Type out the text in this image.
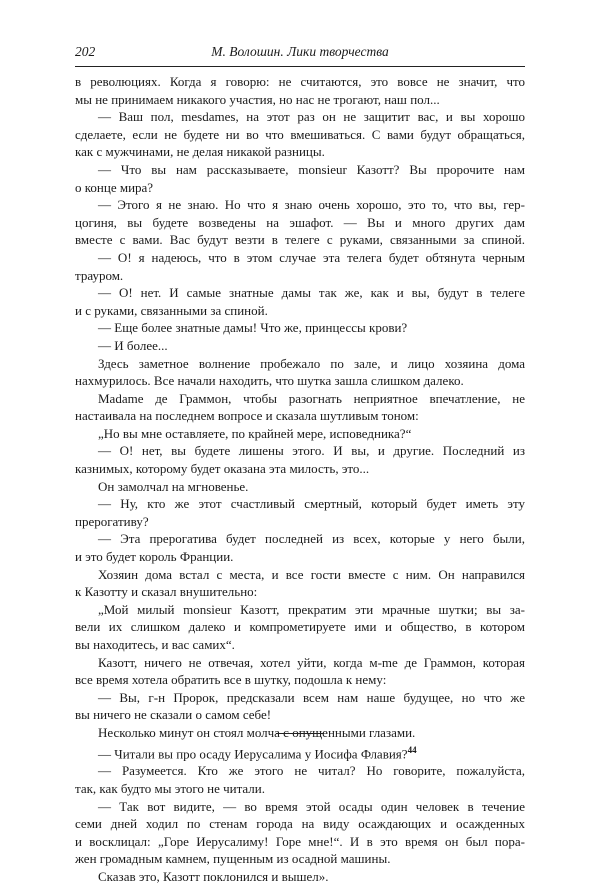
202	М. Волошин. Лики творчества

в революциях. Когда я говорю: не считаются, это вовсе не значит, что

мы не принимаем никакого участия, но нас не трогают, наш пол...

— Ваш пол, mesdames, на этот раз он не защитит вас, и вы хорошо

сделаете, если не будете ни во что вмешиваться. С вами будут обращаться,

как с мужчинами, не делая никакой разницы.

— Что вы нам рассказываете, monsieur Казотт? Вы пророчите нам

о конце мира?

— Этого я не знаю. Но что я знаю очень хорошо, это то, что вы, гер-

цогиня, вы будете возведены на эшафот. — Вы и много других дам

вместе с вами. Вас будут везти в телеге с руками, связанными за спиной.

— О! я надеюсь, что в этом случае эта телега будет обтянута черным

трауром.

— О! нет. И самые знатные дамы так же, как и вы, будут в телеге

и с руками, связанными за спиной.

— Еще более знатные дамы! Что же, принцессы крови?

— И более...

Здесь заметное волнение пробежало по зале, и лицо хозяина дома

нахмурилось. Все начали находить, что шутка зашла слишком далеко.

Madame де Граммон, чтобы разогнать неприятное впечатление, не

настаивала на последнем вопросе и сказала шутливым тоном:

„Но вы мне оставляете, по крайней мере, исповедника?“

— О! нет, вы будете лишены этого. И вы, и другие. Последний из

казнимых, которому будет оказана эта милость, это...

Он замолчал на мгновенье.

— Ну, кто же этот счастливый смертный, который будет иметь эту

прерогативу?

— Эта прерогатива будет последней из всех, которые у него были,

и это будет король Франции.

Хозяин дома встал с места, и все гости вместе с ним. Он направился

к Казотту и сказал внушительно:

„Мой милый monsieur Казотт, прекратим эти мрачные шутки; вы за-

вели их слишком далеко и компрометируете ими и общество, в котором

вы находитесь, и вас самих“.

Казотт, ничего не отвечая, хотел уйти, когда м-me де Граммон, которая

все время хотела обратить все в шутку, подошла к нему:

— Вы, г-н Пророк, предсказали всем нам наше будущее, но что же

вы ничего не сказали о самом себе!

Несколько минут он стоял молча с опущенными глазами.

— Читали вы про осаду Иерусалима у Иосифа Флавия?$^{44}$

— Разумеется. Кто же этого не читал? Но говорите, пожалуйста,

так, как будто мы этого не читали.

— Так вот видите, — во время этой осады один человек в течение

семи дней ходил по стенам города на виду осаждающих и осажденных

и восклицал: „Горе Иерусалиму! Горе мне!“. И в это время он был пора-

жен громадным камнем, пущенным из осадной машины.

Сказав это, Казотт поклонился и вышел».
